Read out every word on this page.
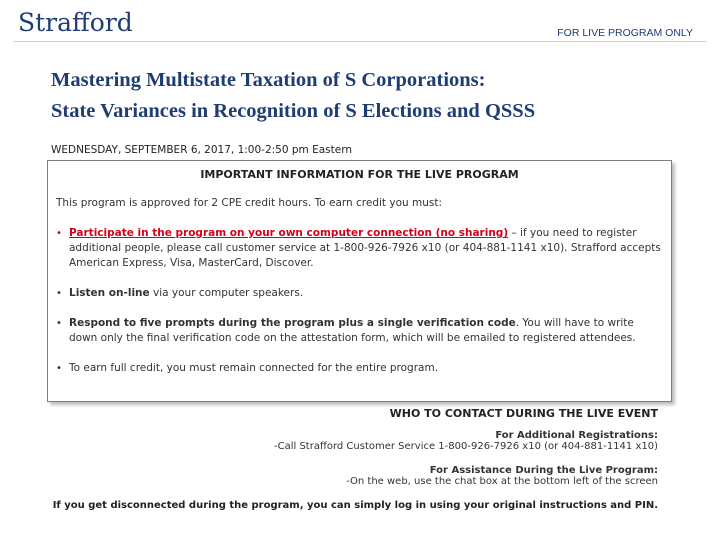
Strafford	FOR LIVE PROGRAM ONLY
Mastering Multistate Taxation of S Corporations:
State Variances in Recognition of S Elections and QSSS
WEDNESDAY, SEPTEMBER 6, 2017, 1:00-2:50 pm Eastern
IMPORTANT INFORMATION FOR THE LIVE PROGRAM
This program is approved for 2 CPE credit hours. To earn credit you must:
• Participate in the program on your own computer connection (no sharing) – if you need to register additional people, please call customer service at 1-800-926-7926 x10 (or 404-881-1141 x10). Strafford accepts American Express, Visa, MasterCard, Discover.
• Listen on-line via your computer speakers.
• Respond to five prompts during the program plus a single verification code. You will have to write down only the final verification code on the attestation form, which will be emailed to registered attendees.
• To earn full credit, you must remain connected for the entire program.
WHO TO CONTACT DURING THE LIVE EVENT
For Additional Registrations:
-Call Strafford Customer Service 1-800-926-7926 x10 (or 404-881-1141 x10)
For Assistance During the Live Program:
-On the web, use the chat box at the bottom left of the screen
If you get disconnected during the program, you can simply log in using your original instructions and PIN.
